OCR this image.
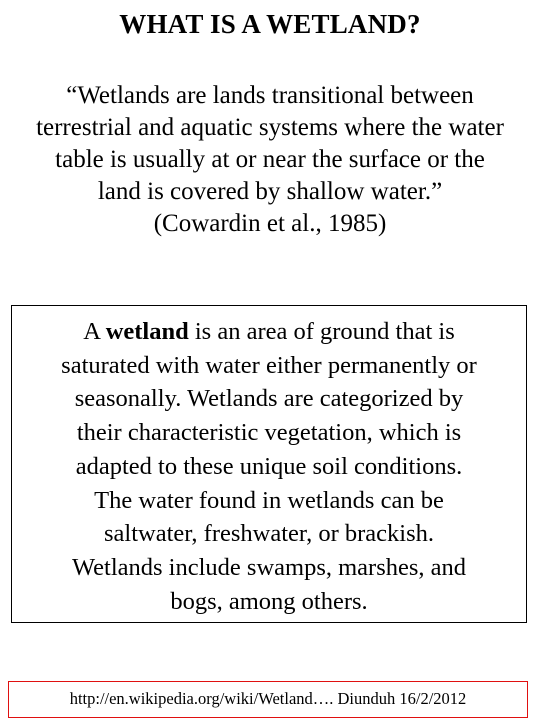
WHAT IS A WETLAND?
“Wetlands are lands transitional between
terrestrial and aquatic systems where the water
table is usually at or near the surface or the
land is covered by shallow water.”
(Cowardin et al., 1985)
A wetland is an area of ground that is
saturated with water either permanently or
seasonally. Wetlands are categorized by
their characteristic vegetation, which is
adapted to these unique soil conditions.
The water found in wetlands can be
saltwater, freshwater, or brackish.
Wetlands include swamps, marshes, and
bogs, among others.
http://en.wikipedia.org/wiki/Wetland…. Diunduh 16/2/2012
